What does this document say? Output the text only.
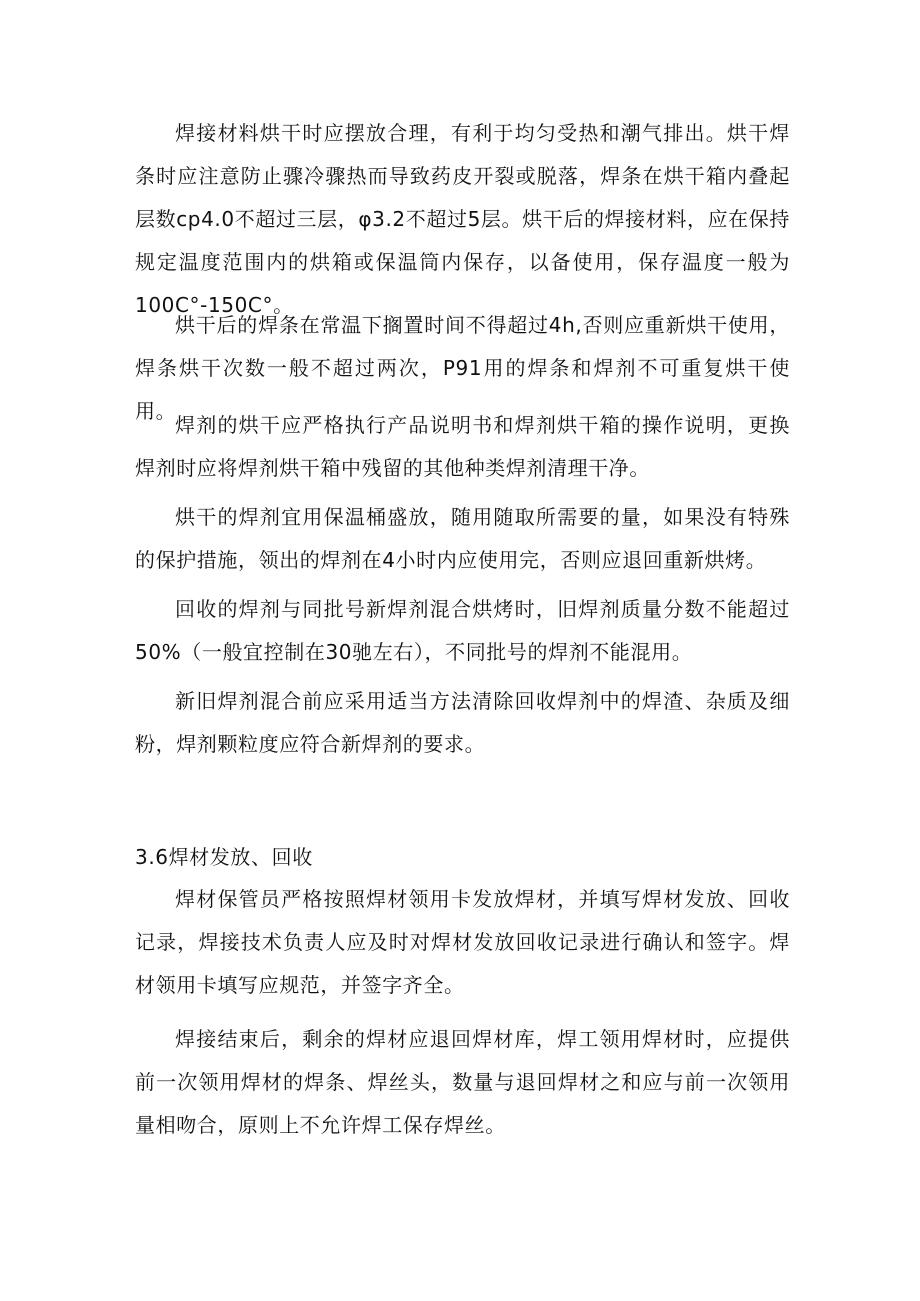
焊接材料烘干时应摆放合理，有利于均匀受热和潮气排出。烘干焊条时应注意防止骤冷骤热而导致药皮开裂或脱落，焊条在烘干箱内叠起层数cp4.0不超过三层，φ3.2不超过5层。烘干后的焊接材料，应在保持规定温度范围内的烘箱或保温筒内保存，以备使用，保存温度一般为100C°-150C°。

烘干后的焊条在常温下搁置时间不得超过4h,否则应重新烘干使用，焊条烘干次数一般不超过两次，P91用的焊条和焊剂不可重复烘干使用。

焊剂的烘干应严格执行产品说明书和焊剂烘干箱的操作说明，更换焊剂时应将焊剂烘干箱中残留的其他种类焊剂清理干净。

烘干的焊剂宜用保温桶盛放，随用随取所需要的量，如果没有特殊的保护措施，领出的焊剂在4小时内应使用完，否则应退回重新烘烤。

回收的焊剂与同批号新焊剂混合烘烤时，旧焊剂质量分数不能超过50%（一般宜控制在30驰左右），不同批号的焊剂不能混用。

新旧焊剂混合前应采用适当方法清除回收焊剂中的焊渣、杂质及细粉，焊剂颗粒度应符合新焊剂的要求。

3.6焊材发放、回收

焊材保管员严格按照焊材领用卡发放焊材，并填写焊材发放、回收记录，焊接技术负责人应及时对焊材发放回收记录进行确认和签字。焊材领用卡填写应规范，并签字齐全。

焊接结束后，剩余的焊材应退回焊材库，焊工领用焊材时，应提供前一次领用焊材的焊条、焊丝头，数量与退回焊材之和应与前一次领用量相吻合，原则上不允许焊工保存焊丝。
